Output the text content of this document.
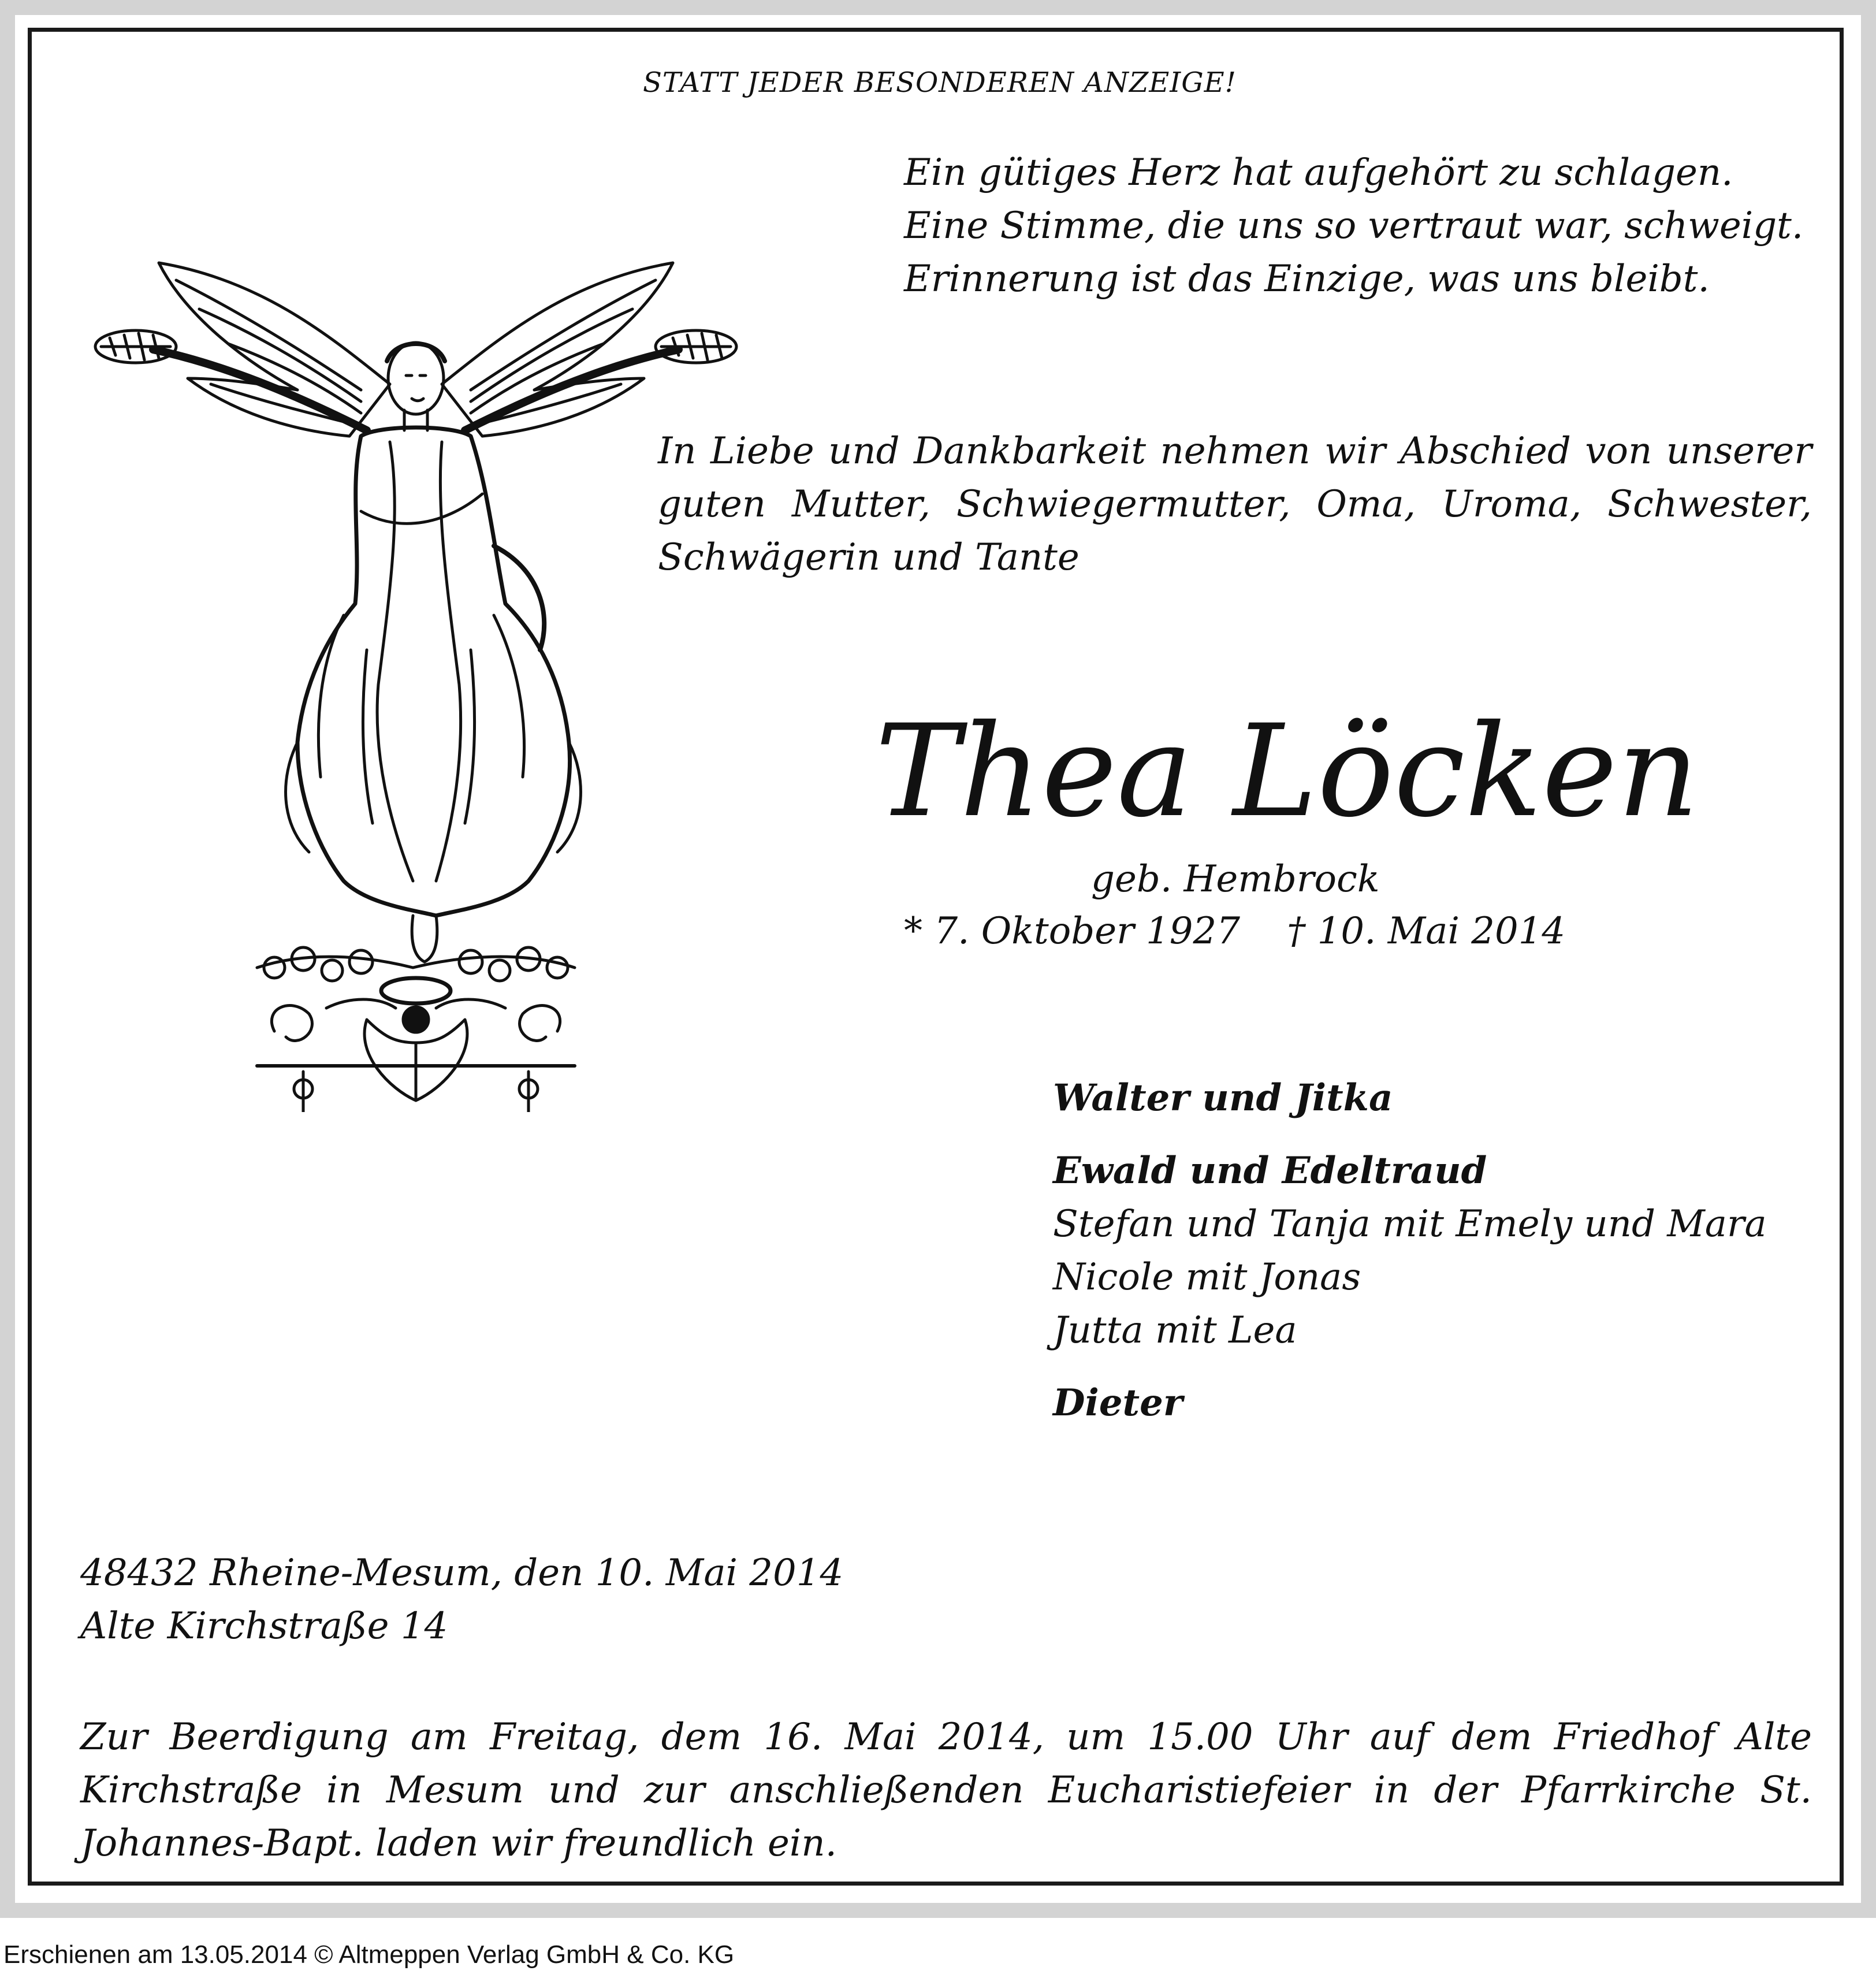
STATT JEDER BESONDEREN ANZEIGE!
Ein gütiges Herz hat aufgehört zu schlagen.
Eine Stimme, die uns so vertraut war, schweigt.
Erinnerung ist das Einzige, was uns bleibt.
In Liebe und Dankbarkeit nehmen wir Abschied von unserer guten Mutter, Schwiegermutter, Oma, Uroma, Schwester, Schwägerin und Tante
Thea Löcken
geb. Hembrock
* 7. Oktober 1927    † 10. Mai 2014
Walter und Jitka
Ewald und Edeltraud
Stefan und Tanja mit Emely und Mara
Nicole mit Jonas
Jutta mit Lea
Dieter
48432 Rheine-Mesum, den 10. Mai 2014
Alte Kirchstraße 14
Zur Beerdigung am Freitag, dem 16. Mai 2014, um 15.00 Uhr auf dem Friedhof Alte Kirchstraße in Mesum und zur anschließenden Eucharistiefeier in der Pfarrkirche St. Johannes-Bapt. laden wir freundlich ein.
Erschienen am 13.05.2014 © Altmeppen Verlag GmbH & Co. KG
